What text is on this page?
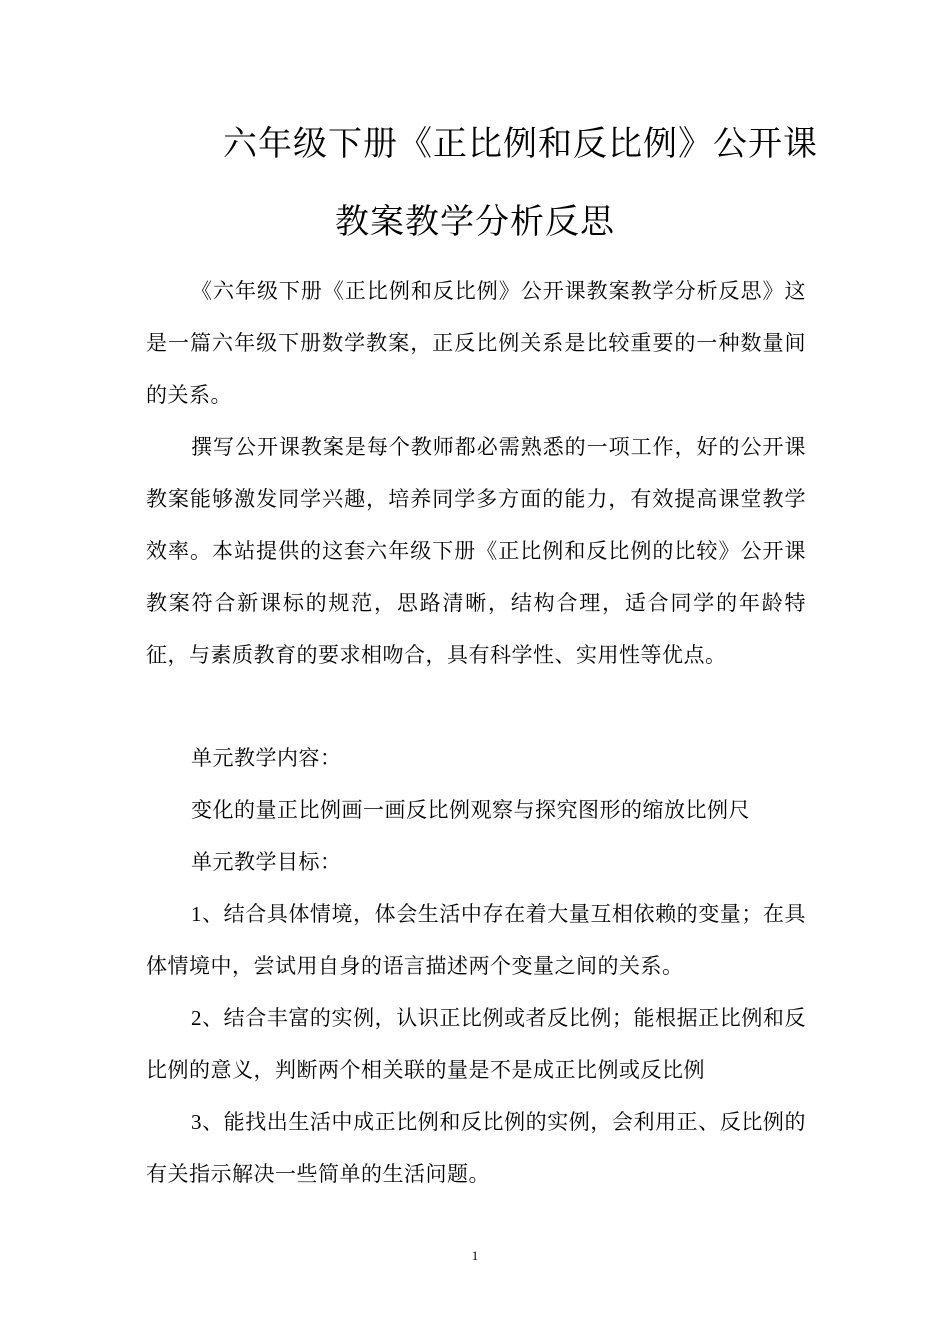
六年级下册《正比例和反比例》公开课
教案教学分析反思

《六年级下册《正比例和反比例》公开课教案教学分析反思》这是一篇六年级下册数学教案，正反比例关系是比较重要的一种数量间的关系。

撰写公开课教案是每个教师都必需熟悉的一项工作，好的公开课教案能够激发同学兴趣，培养同学多方面的能力，有效提高课堂教学效率。本站提供的这套六年级下册《正比例和反比例的比较》公开课教案符合新课标的规范，思路清晰，结构合理，适合同学的年龄特征，与素质教育的要求相吻合，具有科学性、实用性等优点。

单元教学内容：

变化的量正比例画一画反比例观察与探究图形的缩放比例尺

单元教学目标：

1、结合具体情境，体会生活中存在着大量互相依赖的变量；在具体情境中，尝试用自身的语言描述两个变量之间的关系。

2、结合丰富的实例，认识正比例或者反比例；能根据正比例和反比例的意义，判断两个相关联的量是不是成正比例或反比例

3、能找出生活中成正比例和反比例的实例，会利用正、反比例的有关指示解决一些简单的生活问题。

1
